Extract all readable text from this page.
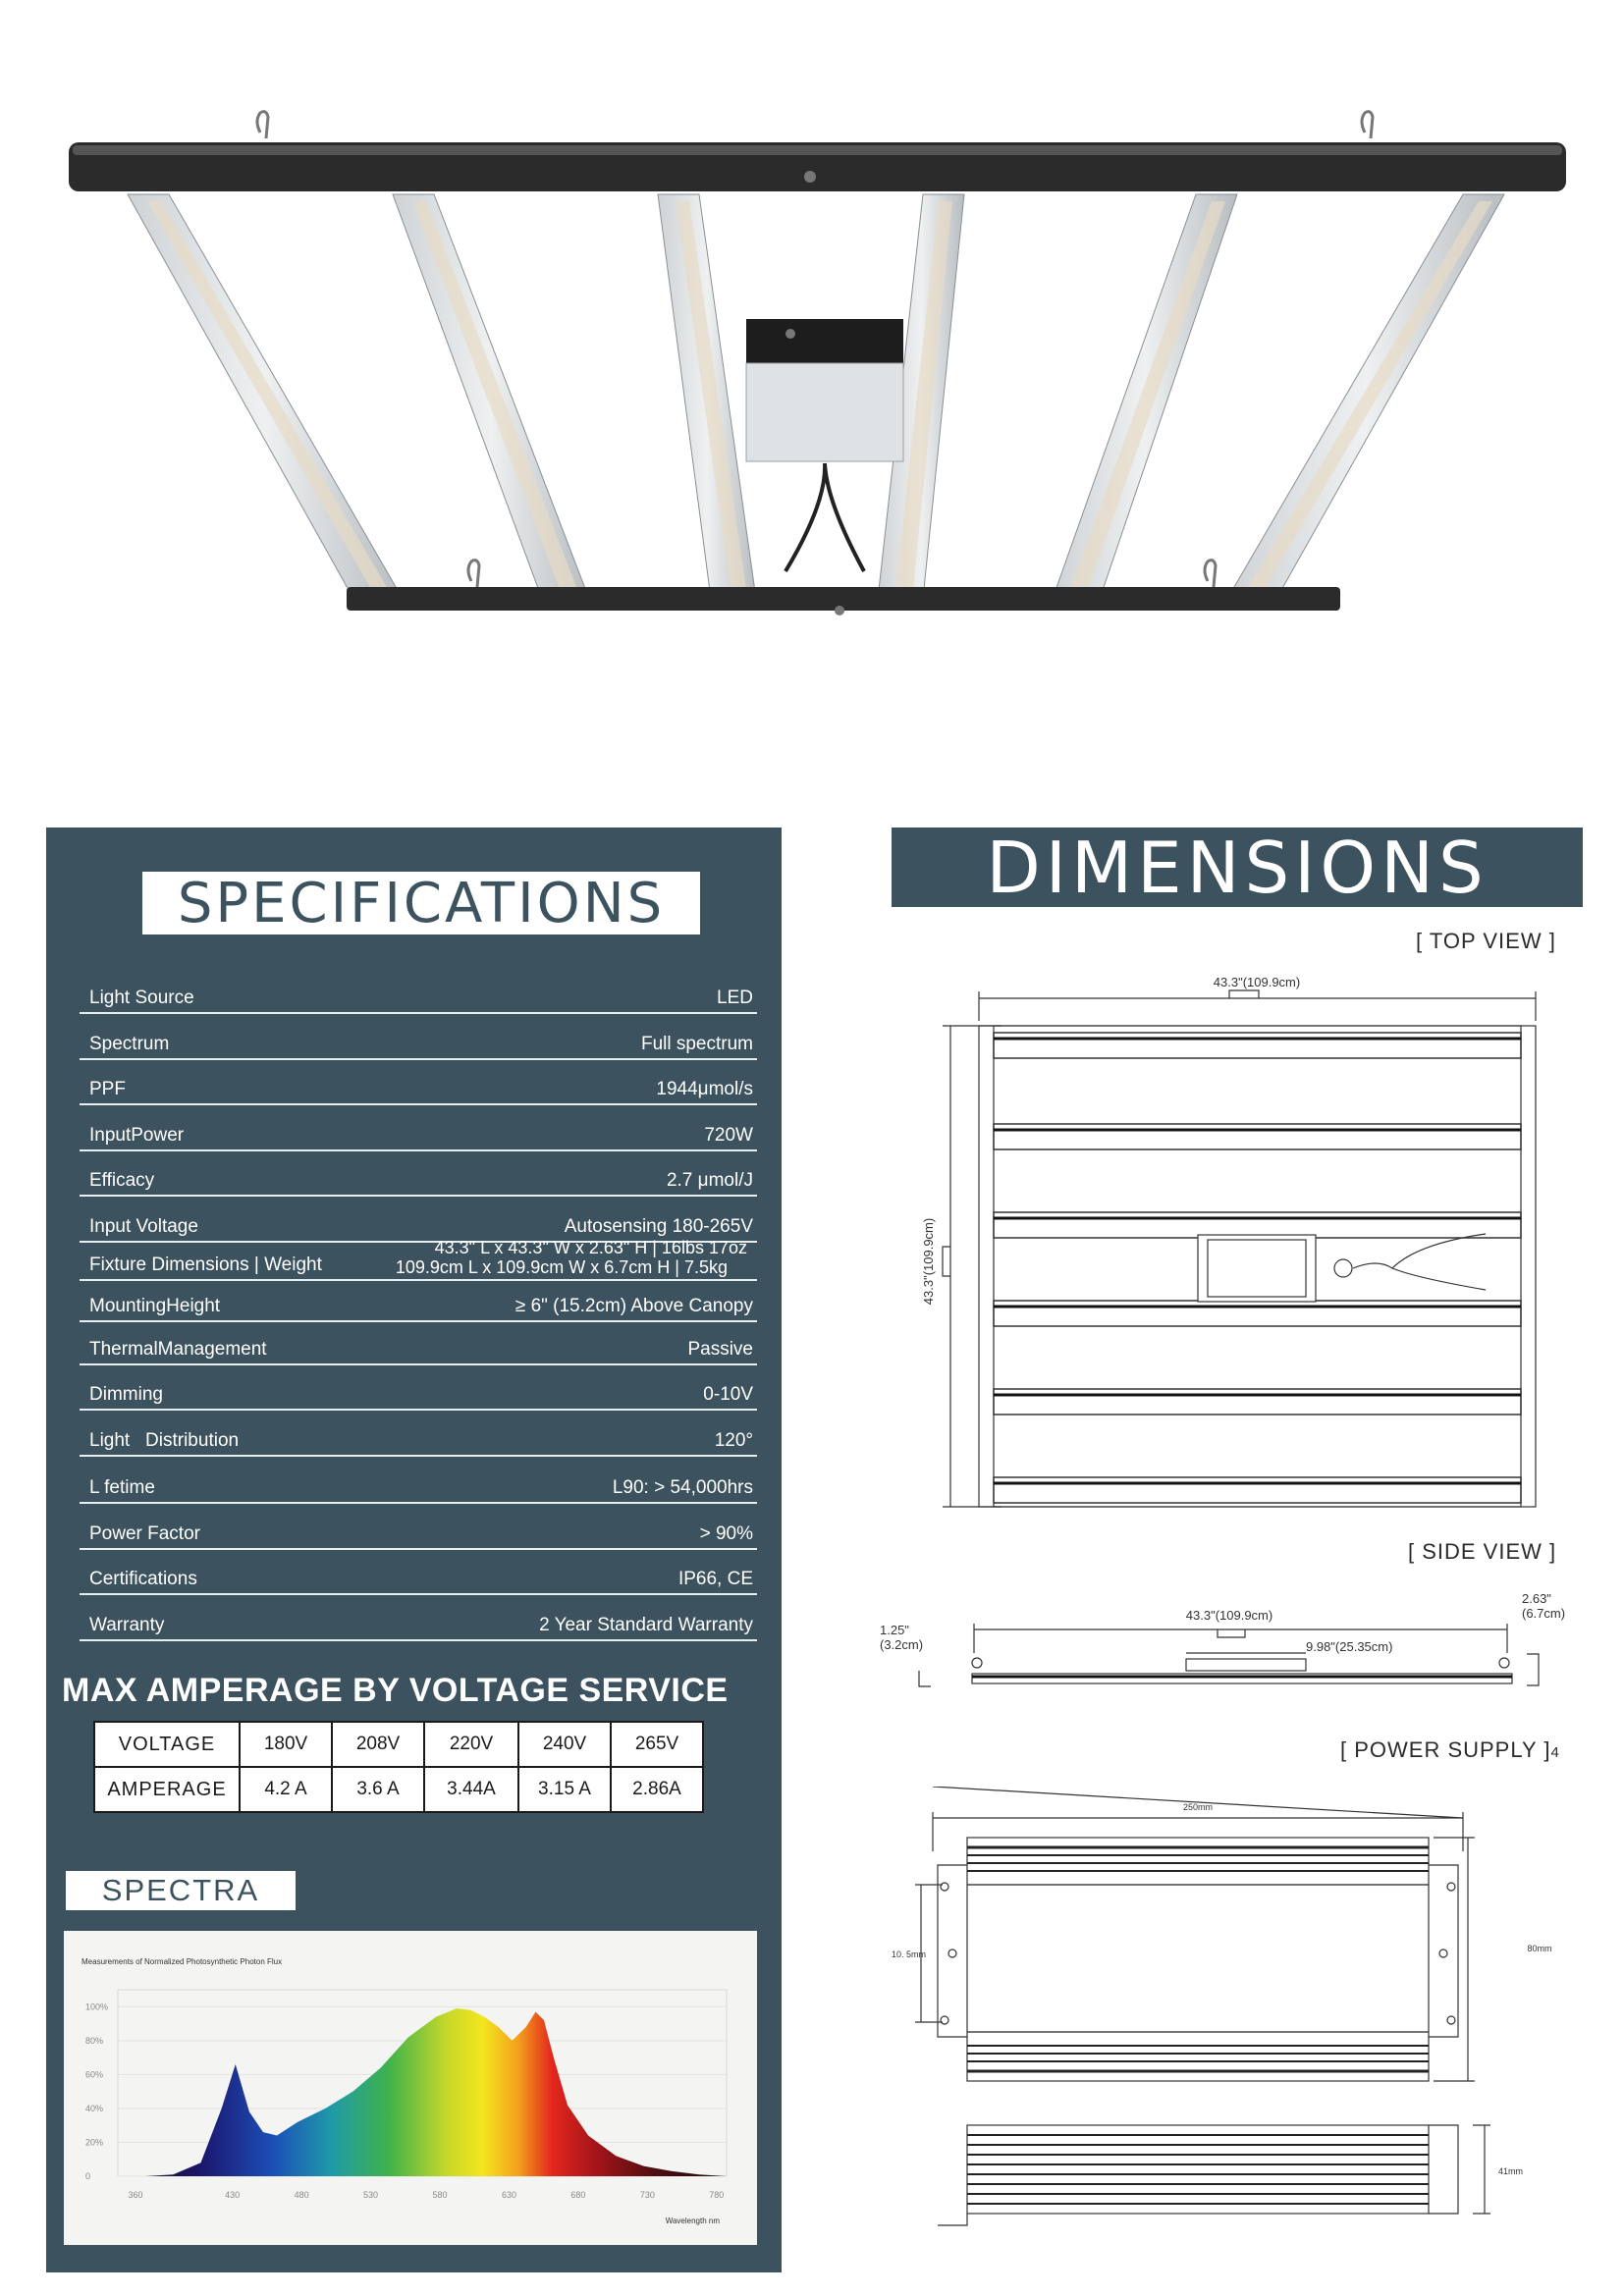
SPECIFICATIONS
Light Source	LED
Spectrum	Full spectrum
PPF	1944μmol/s
InputPower	720W
Efficacy	2.7 μmol/J
Input Voltage	Autosensing 180-265V
Fixture Dimensions | Weight
43.3" L x 43.3" W x 2.63" H | 16lbs 17oz
109.9cm L x 109.9cm W x 6.7cm H | 7.5kg
MountingHeight	≥ 6" (15.2cm) Above Canopy
ThermalManagement	Passive
Dimming	0-10V
Light   Distribution	120°
L fetime	L90: > 54,000hrs
Power Factor	> 90%
Certifications	IP66, CE
Warranty	2 Year Standard Warranty
MAX AMPERAGE BY VOLTAGE SERVICE
VOLTAGE	180V	208V	220V	240V	265V
AMPERAGE	4.2 A	3.6 A	3.44A	3.15 A	2.86A
SPECTRA
Measurements of Normalized Photosynthetic Photon Flux
0
20%
40%
60%
80%
100%
360	430	480	530	580	630	680	730	780
Wavelength nm
DIMENSIONS
[ TOP VIEW ]
43.3"(109.9cm)
43.3"(109.9cm)
[ SIDE VIEW ]
43.3"(109.9cm)
9.98"(25.35cm)
1.25"
(3.2cm)
2.63"
(6.7cm)
[ POWER SUPPLY ]4
250mm
10. 5mm
80mm
41mm
